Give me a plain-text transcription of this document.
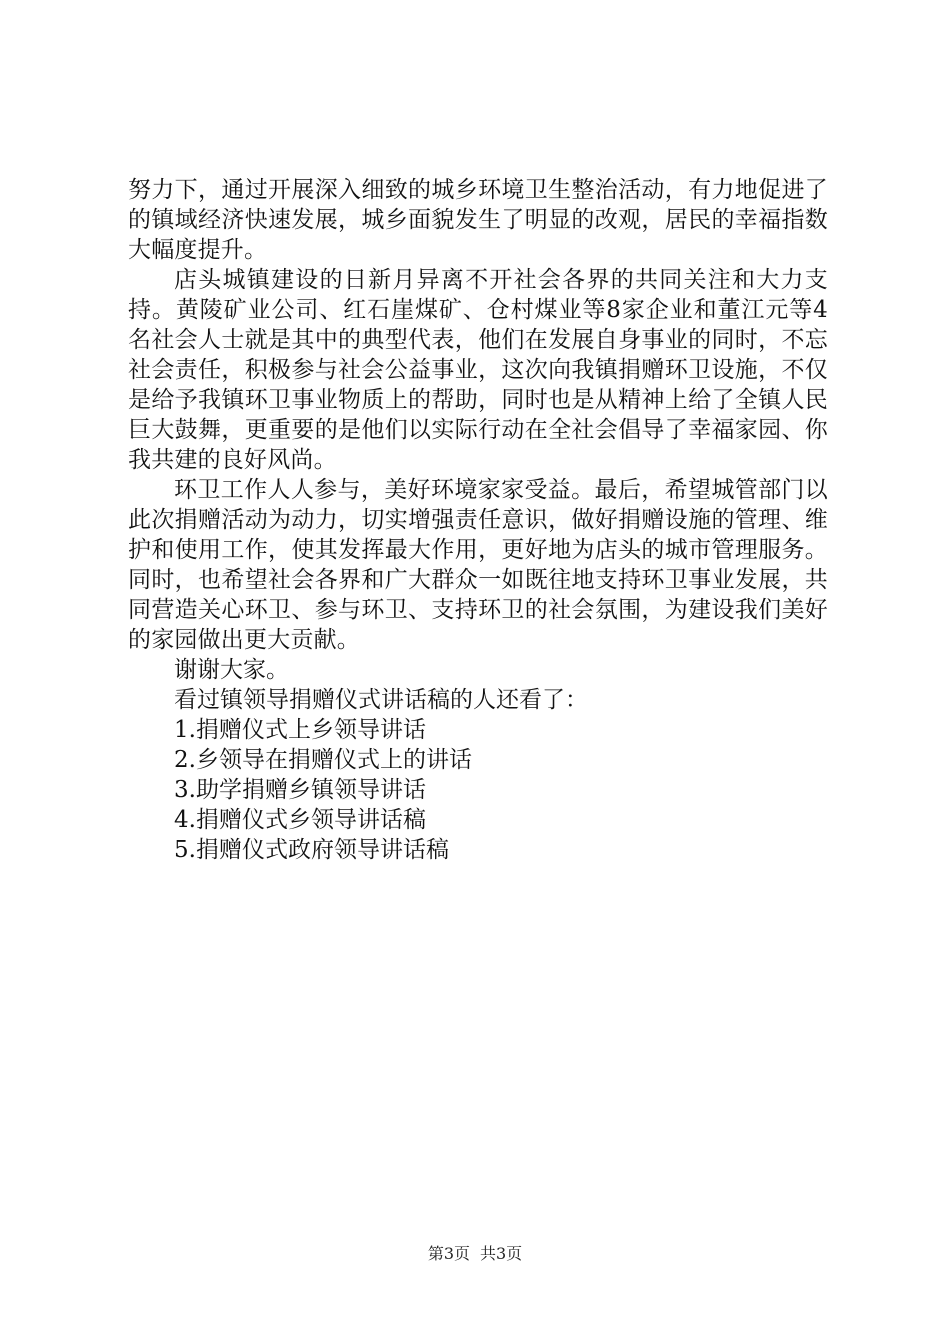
努力下，通过开展深入细致的城乡环境卫生整治活动，有力地促进了的镇域经济快速发展，城乡面貌发生了明显的改观，居民的幸福指数大幅度提升。

店头城镇建设的日新月异离不开社会各界的共同关注和大力支持。黄陵矿业公司、红石崖煤矿、仓村煤业等8家企业和董江元等4名社会人士就是其中的典型代表，他们在发展自身事业的同时，不忘社会责任，积极参与社会公益事业，这次向我镇捐赠环卫设施，不仅是给予我镇环卫事业物质上的帮助，同时也是从精神上给了全镇人民巨大鼓舞，更重要的是他们以实际行动在全社会倡导了幸福家园、你我共建的良好风尚。

环卫工作人人参与，美好环境家家受益。最后，希望城管部门以此次捐赠活动为动力，切实增强责任意识，做好捐赠设施的管理、维护和使用工作，使其发挥最大作用，更好地为店头的城市管理服务。同时，也希望社会各界和广大群众一如既往地支持环卫事业发展，共同营造关心环卫、参与环卫、支持环卫的社会氛围，为建设我们美好的家园做出更大贡献。

谢谢大家。

看过镇领导捐赠仪式讲话稿的人还看了：

1.捐赠仪式上乡领导讲话
2.乡领导在捐赠仪式上的讲话
3.助学捐赠乡镇领导讲话
4.捐赠仪式乡领导讲话稿
5.捐赠仪式政府领导讲话稿
第3页 共3页
